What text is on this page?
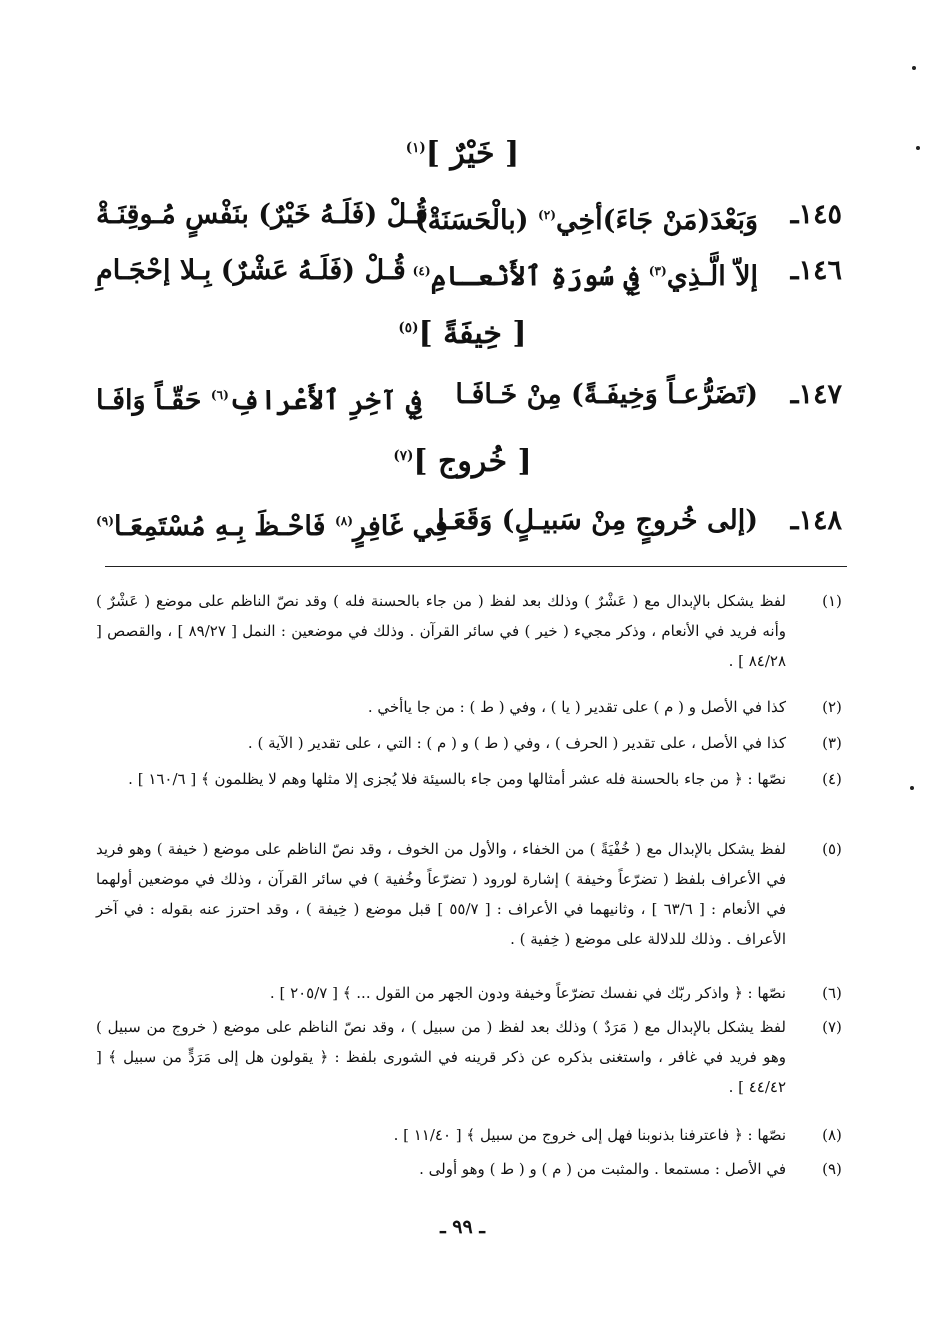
[ خَيْرٌ ]$^{(١)}$
١٤٥ـ
وَبَعْدَ(مَنْ جَاءَ)أخِي$^{(٢)}$ (بالْحَسَنَةْ)
قُـلْ (فَلَـهُ خَيْرٌ) بنَفْسٍ مُـوقِنَـةْ
١٤٦ـ
إلاّ الَّـذِي$^{(٣)}$ فِي سُورَةِ ٱلأَنْعـامِ$^{(٤)}$
قُـلْ (فَلَـهُ عَشْرٌ) بِـلا إحْجَـامِ
[ خِيفَةً ]$^{(٥)}$
١٤٧ـ
(تَضَرُّعـاً وَخِيفَـةً) مِنْ خَـافَـا
فِي آخِرِ ٱلأَعْرافِ$^{(٦)}$ حَقّـاً وَافَـا
[ خُروج ]$^{(٧)}$
١٤٨ـ
(إلى خُروجٍ مِنْ سَبيـلٍ) وَقَعَـا
فِي غَافِرٍ$^{(٨)}$ فَاحْـظَ بِـهِ مُسْتَمِعَـا$^{(٩)}$
(١)
لفظ يشكل بالإبدال مع ( عَشْرٌ ) وذلك بعد لفظ ( من جاء بالحسنة فله ) وقد نصّ الناظم على موضع ( عَشْرٌ ) وأنه فريد في الأنعام ، وذكر مجيء ( خير ) في سائر القرآن . وذلك في موضعين : النمل [ ٨٩/٢٧ ] ، والقصص [ ٨٤/٢٨ ] .
(٢)
كذا في الأصل و ( م ) على تقدير ( يا ) ، وفي ( ط ) : من جا ياأخي .
(٣)
كذا في الأصل ، على تقدير ( الحرف ) ، وفي ( ط ) و ( م ) : التي ، على تقدير ( الآية ) .
(٤)
نصّها : ﴿ من جاء بالحسنة فله عشر أمثالها ومن جاء بالسيئة فلا يُجزى إلا مثلها وهم لا يظلمون ﴾ [ ١٦٠/٦ ] .
(٥)
لفظ يشكل بالإبدال مع ( خُفْيَةً ) من الخفاء ، والأول من الخوف ، وقد نصّ الناظم على موضع ( خيفة ) وهو فريد في الأعراف بلفظ ( تضرّعاً وخيفة ) إشارة لورود ( تضرّعاً وخُفية ) في سائر القرآن ، وذلك في موضعين أولهما في الأنعام : [ ٦٣/٦ ] ، وثانيهما في الأعراف : [ ٥٥/٧ ] قبل موضع ( خِيفة ) ، وقد احترز عنه بقوله : في آخر الأعراف . وذلك للدلالة على موضع ( خِفية ) .
(٦)
نصّها : ﴿ واذكر ربّك في نفسك تضرّعاً وخيفة ودون الجهر من القول ... ﴾ [ ٢٠٥/٧ ] .
(٧)
لفظ يشكل بالإبدال مع ( مَرَدٌ ) وذلك بعد لفظ ( من سبيل ) ، وقد نصّ الناظم على موضع ( خروج من سبيل ) وهو فريد في غافر ، واستغنى بذكره عن ذكر قرينه في الشورى بلفظ : ﴿ يقولون هل إلى مَرَدٍّ من سبيل ﴾ [ ٤٤/٤٢ ] .
(٨)
نصّها : ﴿ فاعترفنا بذنوبنا فهل إلى خروج من سبيل ﴾ [ ١١/٤٠ ] .
(٩)
في الأصل : مستمعا . والمثبت من ( م ) و ( ط ) وهو أولى .
ـ ٩٩ ـ
